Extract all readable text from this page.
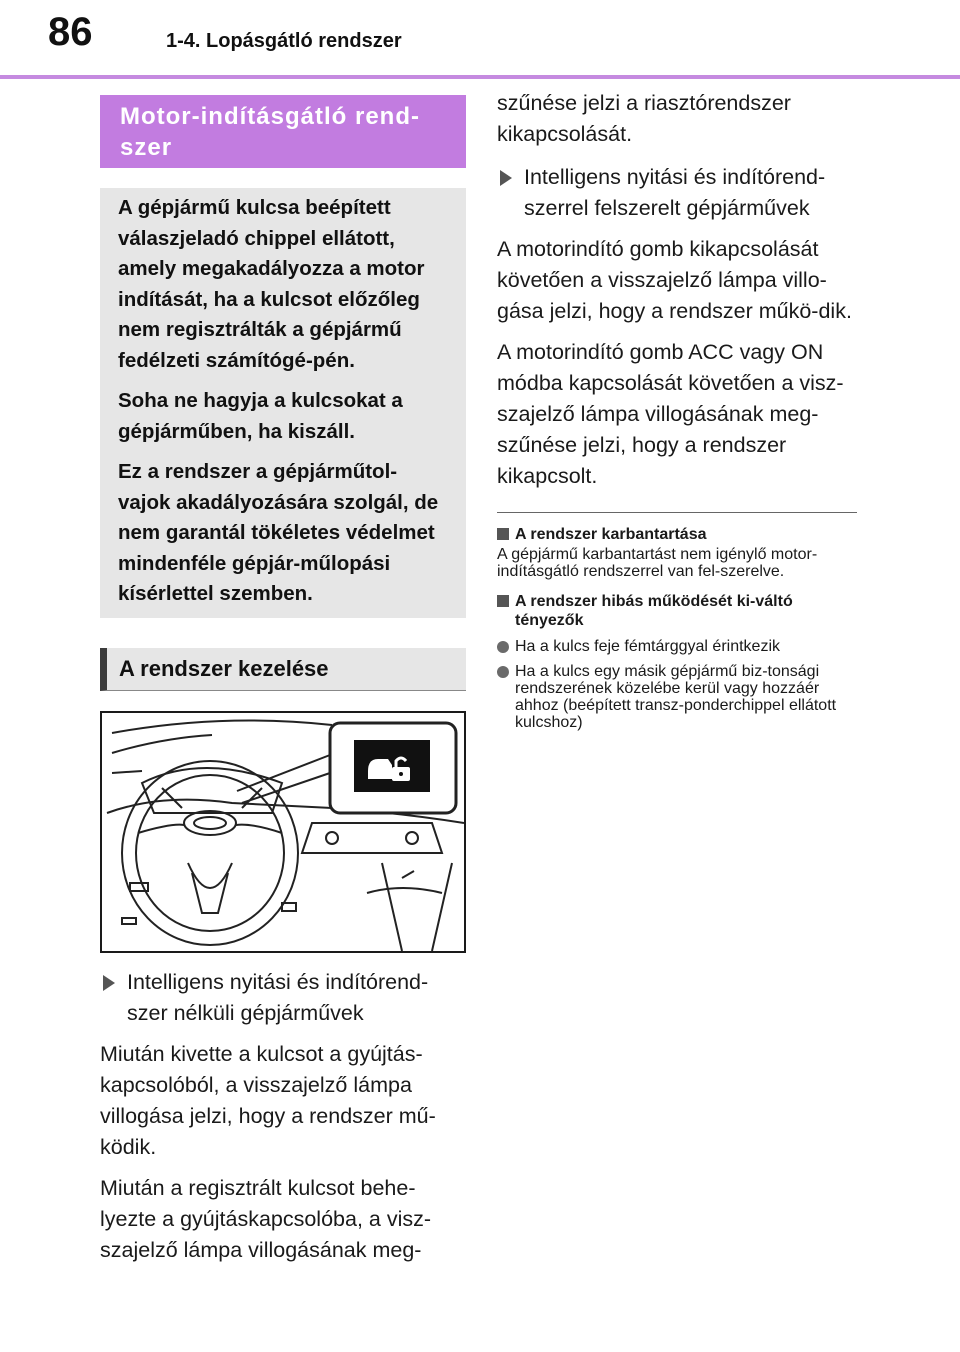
86	1-4. Lopásgátló rendszer
Motor-indításgátló rend-
szer

A gépjármű kulcsa beépített válaszjeladó chippel ellátott, amely megakadályozza a motor indítását, ha a kulcsot előzőleg nem regisztrálták a gépjármű fedélzeti számítógé-pén.

Soha ne hagyja a kulcsokat a gépjárműben, ha kiszáll.

Ez a rendszer a gépjárműtol-vajok akadályozására szolgál, de nem garantál tökéletes védelmet mindenféle gépjár-műlopási kísérlettel szemben.

A rendszer kezelése
Intelligens nyitási és indítórend-szer nélküli gépjárművek

Miután kivette a kulcsot a gyújtás-kapcsolóból, a visszajelző lámpa villogása jelzi, hogy a rendszer mű-ködik.

Miután a regisztrált kulcsot behe-lyezte a gyújtáskapcsolóba, a visz-szajelző lámpa villogásának meg-

szűnése jelzi a riasztórendszer kikapcsolását.

Intelligens nyitási és indítórend-szerrel felszerelt gépjárművek

A motorindító gomb kikapcsolását követően a visszajelző lámpa villo-gása jelzi, hogy a rendszer műkö-dik.

A motorindító gomb ACC vagy ON módba kapcsolását követően a visz-szajelző lámpa villogásának meg-szűnése jelzi, hogy a rendszer kikapcsolt.

A rendszer karbantartása

A gépjármű karbantartást nem igénylő motor-indításgátló rendszerrel van fel-szerelve.

A rendszer hibás működését ki-váltó tényezők
Ha a kulcs feje fémtárggyal érintkezik
Ha a kulcs egy másik gépjármű biz-tonsági rendszerének közelébe kerül vagy hozzáér ahhoz (beépített transz-ponderchippel ellátott kulcshoz)
